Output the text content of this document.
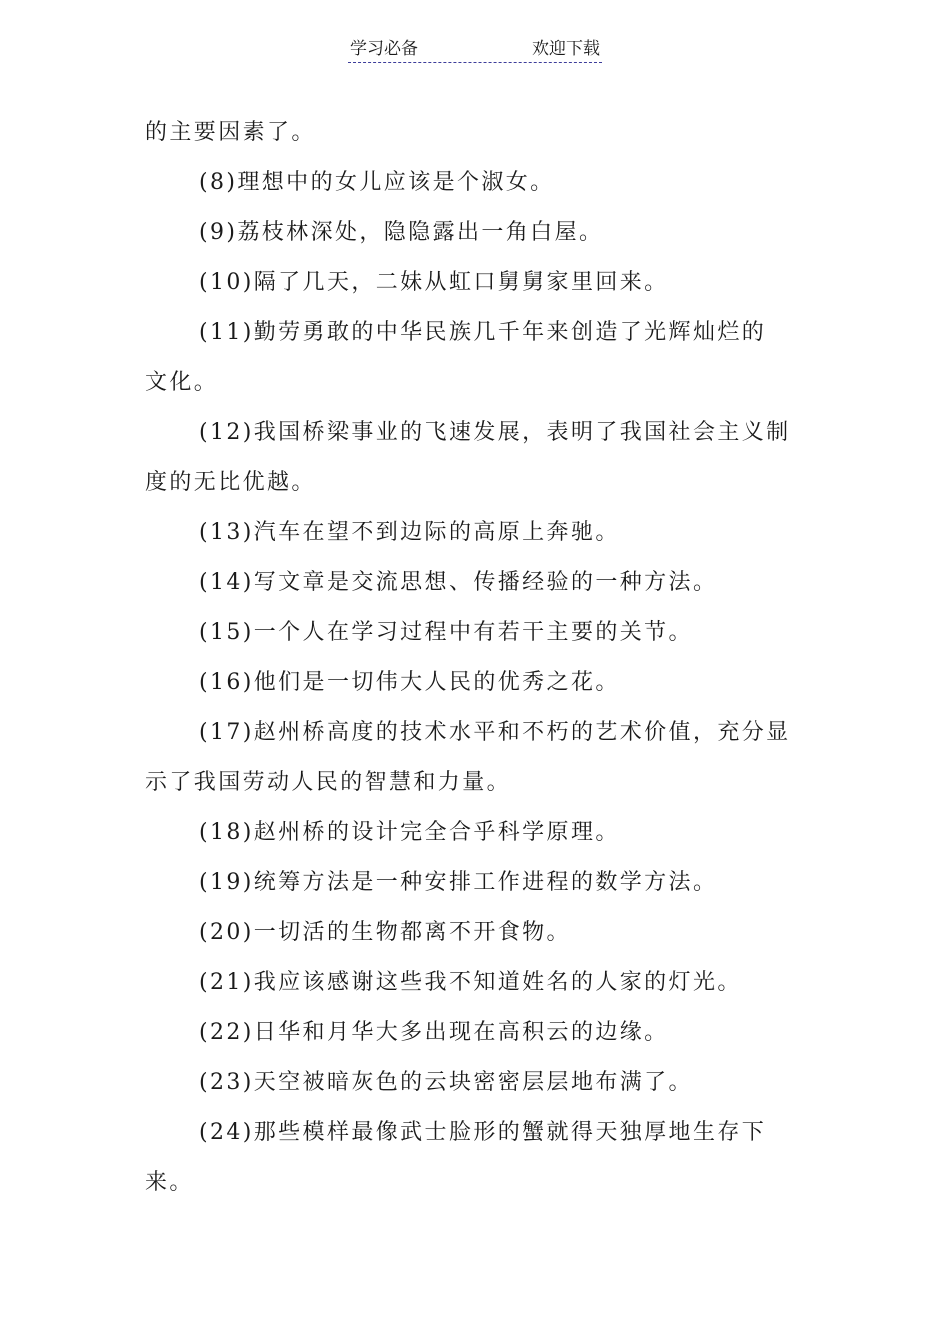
学习必备	欢迎下载
的主要因素了。
(8)理想中的女儿应该是个淑女。
(9)荔枝林深处，隐隐露出一角白屋。
(10)隔了几天，二妹从虹口舅舅家里回来。
(11)勤劳勇敢的中华民族几千年来创造了光辉灿烂的
文化。
(12)我国桥梁事业的飞速发展，表明了我国社会主义制
度的无比优越。
(13)汽车在望不到边际的高原上奔驰。
(14)写文章是交流思想、传播经验的一种方法。
(15)一个人在学习过程中有若干主要的关节。
(16)他们是一切伟大人民的优秀之花。
(17)赵州桥高度的技术水平和不朽的艺术价值，充分显
示了我国劳动人民的智慧和力量。
(18)赵州桥的设计完全合乎科学原理。
(19)统筹方法是一种安排工作进程的数学方法。
(20)一切活的生物都离不开食物。
(21)我应该感谢这些我不知道姓名的人家的灯光。
(22)日华和月华大多出现在高积云的边缘。
(23)天空被暗灰色的云块密密层层地布满了。
(24)那些模样最像武士脸形的蟹就得天独厚地生存下
来。
